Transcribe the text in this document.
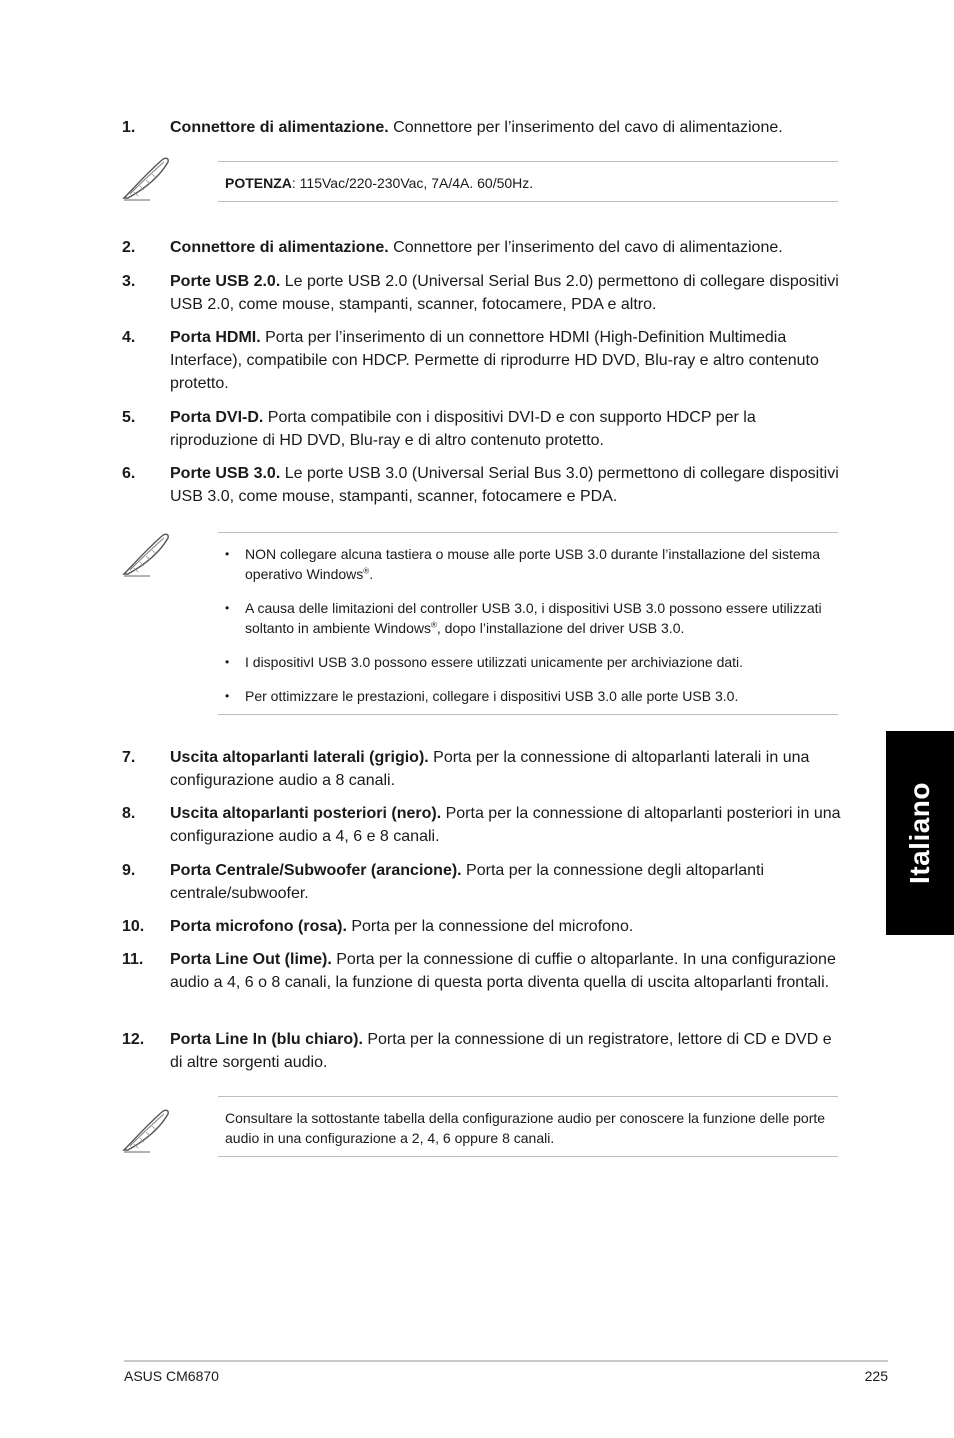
1.	Connettore di alimentazione. Connettore per l’inserimento del cavo di alimentazione.
POTENZA: 115Vac/220-230Vac, 7A/4A. 60/50Hz.
2.	Connettore di alimentazione. Connettore per l’inserimento del cavo di alimentazione.
3.	Porte USB 2.0. Le porte USB 2.0 (Universal Serial Bus 2.0) permettono di collegare dispositivi USB 2.0, come mouse, stampanti, scanner, fotocamere, PDA e altro.
4.	Porta HDMI. Porta per l’inserimento di un connettore HDMI (High-Definition Multimedia Interface), compatibile con HDCP. Permette di riprodurre HD DVD, Blu-ray e altro contenuto protetto.
5.	Porta DVI-D. Porta compatibile con i dispositivi DVI-D e con supporto HDCP per la riproduzione di HD DVD, Blu-ray e di altro contenuto protetto.
6.	Porte USB 3.0. Le porte USB 3.0 (Universal Serial Bus 3.0) permettono di collegare dispositivi USB 3.0, come mouse, stampanti, scanner, fotocamere e PDA.
• NON collegare alcuna tastiera o mouse alle porte USB 3.0 durante l’installazione del sistema operativo Windows®.
• A causa delle limitazioni del controller USB 3.0, i dispositivi USB 3.0 possono essere utilizzati soltanto in ambiente Windows®, dopo l’installazione del driver USB 3.0.
• I dispositivI USB 3.0 possono essere utilizzati unicamente per archiviazione dati.
• Per ottimizzare le prestazioni, collegare i dispositivi USB 3.0 alle porte USB 3.0.
7.	Uscita altoparlanti laterali (grigio). Porta per la connessione di altoparlanti laterali in una configurazione audio a 8 canali.
8.	Uscita altoparlanti posteriori (nero). Porta per la connessione di altoparlanti posteriori in una configurazione audio a 4, 6 e 8 canali.
9.	Porta Centrale/Subwoofer (arancione). Porta per la connessione degli altoparlanti centrale/subwoofer.
10.	Porta microfono (rosa). Porta per la connessione del microfono.
11.	Porta Line Out (lime). Porta per la connessione di cuffie o altoparlante. In una configurazione audio a 4, 6 o 8 canali, la funzione di questa porta diventa quella di uscita altoparlanti frontali.
12.	Porta Line In (blu chiaro). Porta per la connessione di un registratore, lettore di CD e DVD e di altre sorgenti audio.
Consultare la sottostante tabella della configurazione audio per conoscere la funzione delle porte audio in una configurazione a 2, 4, 6 oppure 8 canali.
Italiano
ASUS CM6870	225
